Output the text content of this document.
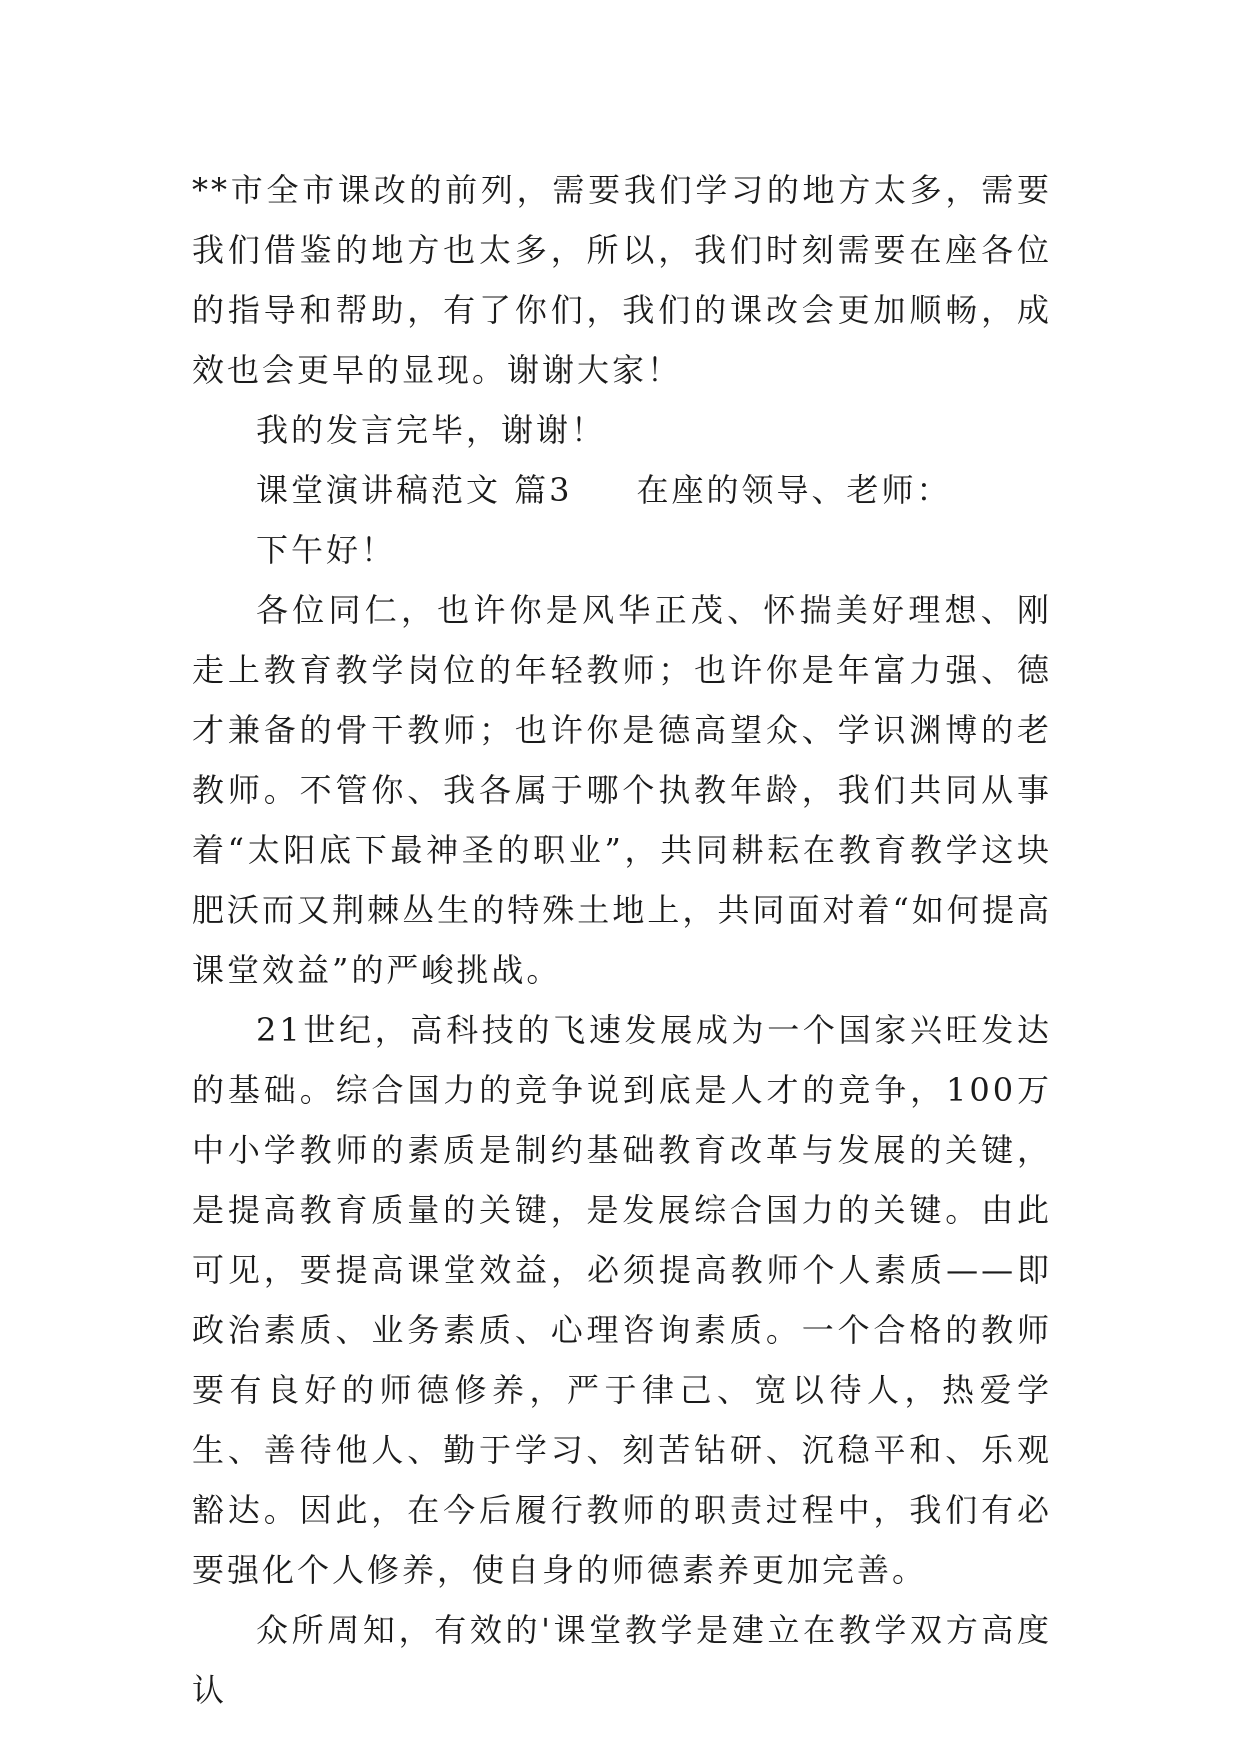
**市全市课改的前列，需要我们学习的地方太多，需要我们借鉴的地方也太多，所以，我们时刻需要在座各位的指导和帮助，有了你们，我们的课改会更加顺畅，成效也会更早的显现。谢谢大家！

我的发言完毕，谢谢！

课堂演讲稿范文 篇3 在座的领导、老师：

下午好！

各位同仁，也许你是风华正茂、怀揣美好理想、刚走上教育教学岗位的年轻教师；也许你是年富力强、德才兼备的骨干教师；也许你是德高望众、学识渊博的老教师。不管你、我各属于哪个执教年龄，我们共同从事着“太阳底下最神圣的职业”，共同耕耘在教育教学这块肥沃而又荆棘丛生的特殊土地上，共同面对着“如何提高课堂效益”的严峻挑战。

21世纪，高科技的飞速发展成为一个国家兴旺发达的基础。综合国力的竞争说到底是人才的竞争，100万中小学教师的素质是制约基础教育改革与发展的关键，是提高教育质量的关键，是发展综合国力的关键。由此可见，要提高课堂效益，必须提高教师个人素质——即政治素质、业务素质、心理咨询素质。一个合格的教师要有良好的师德修养，严于律己、宽以待人，热爱学生、善待他人、勤于学习、刻苦钻研、沉稳平和、乐观豁达。因此，在今后履行教师的职责过程中，我们有必要强化个人修养，使自身的师德素养更加完善。

众所周知，有效的'课堂教学是建立在教学双方高度认
